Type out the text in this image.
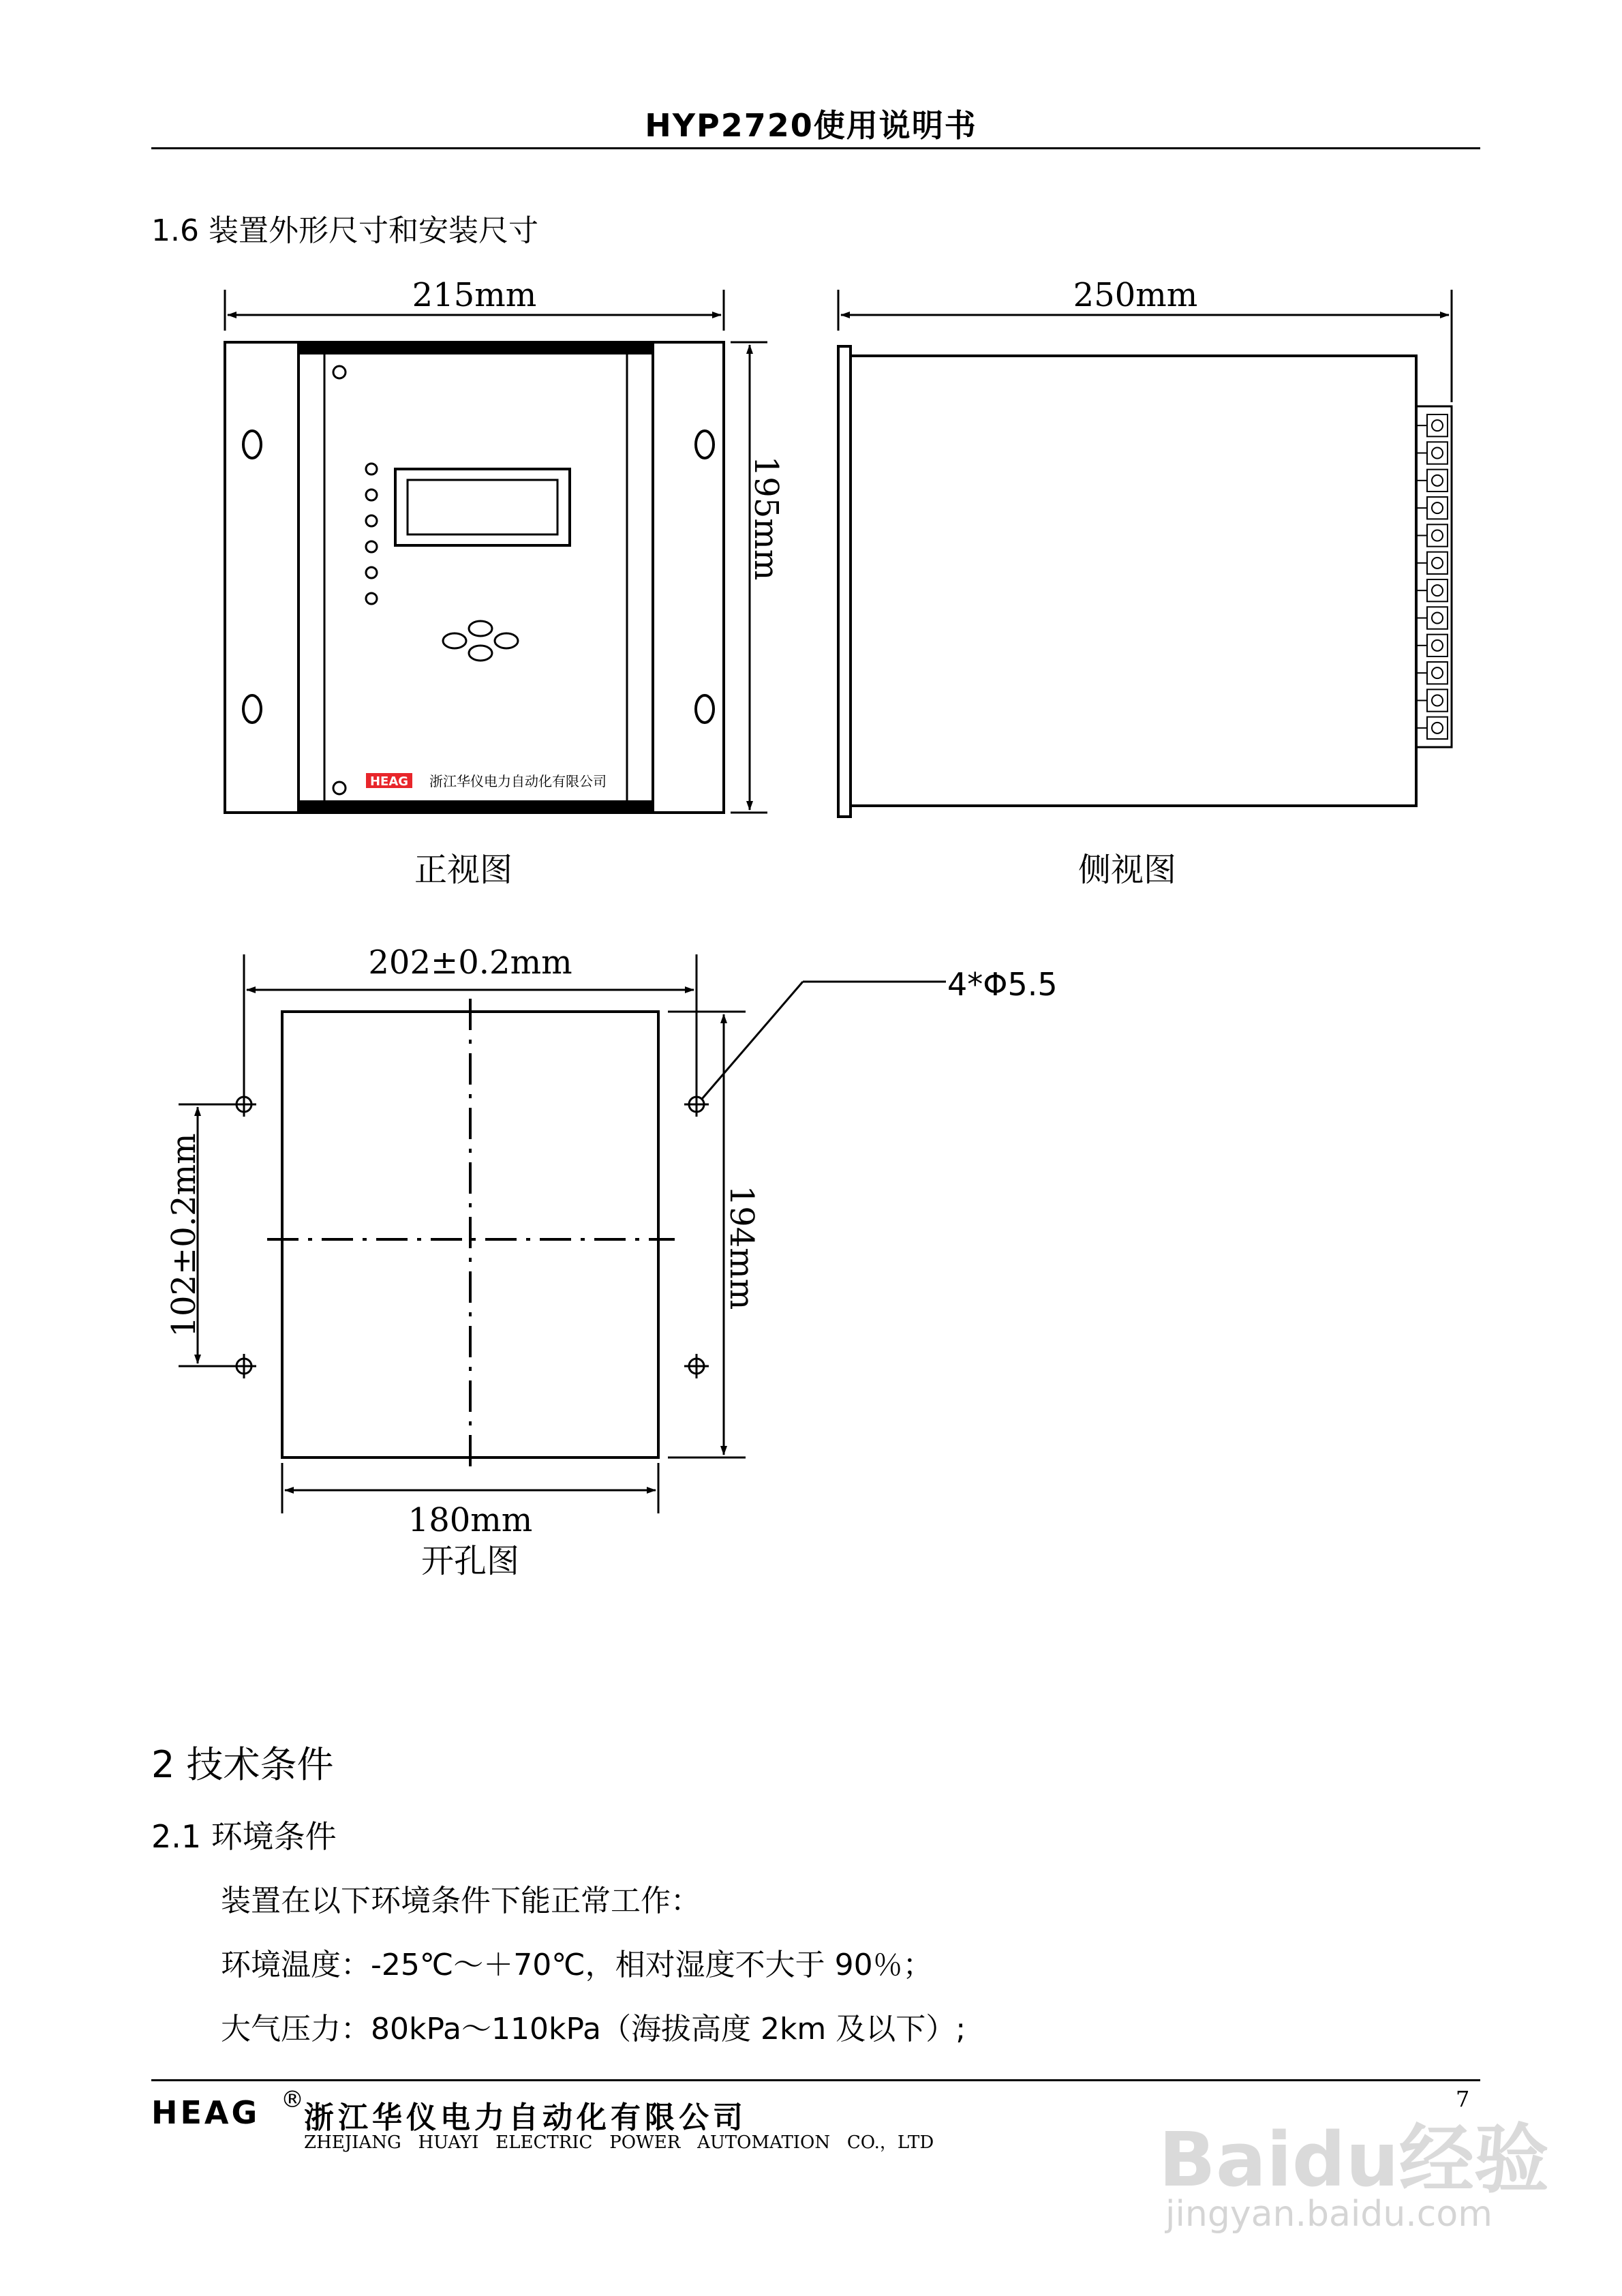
HYP2720使用说明书
1.6 装置外形尺寸和安装尺寸
195mm
215mm
HEAG 浙江华仪电力自动化有限公司
250mm
正视图	侧视图
202±0.2mm
4*Φ5.5
102±0.2mm	194mm
180mm
开孔图
2 技术条件
2.1 环境条件
装置在以下环境条件下能正常工作：
环境温度：-25℃～＋70℃，相对湿度不大于 90％；
大气压力：80kPa～110kPa（海拔高度 2km 及以下）;
HEAG ®
浙江华仪电力自动化有限公司
ZHEJIANG   HUAYI   ELECTRIC   POWER   AUTOMATION   CO.，LTD
7
Baidu经验
jingyan.baidu.com
